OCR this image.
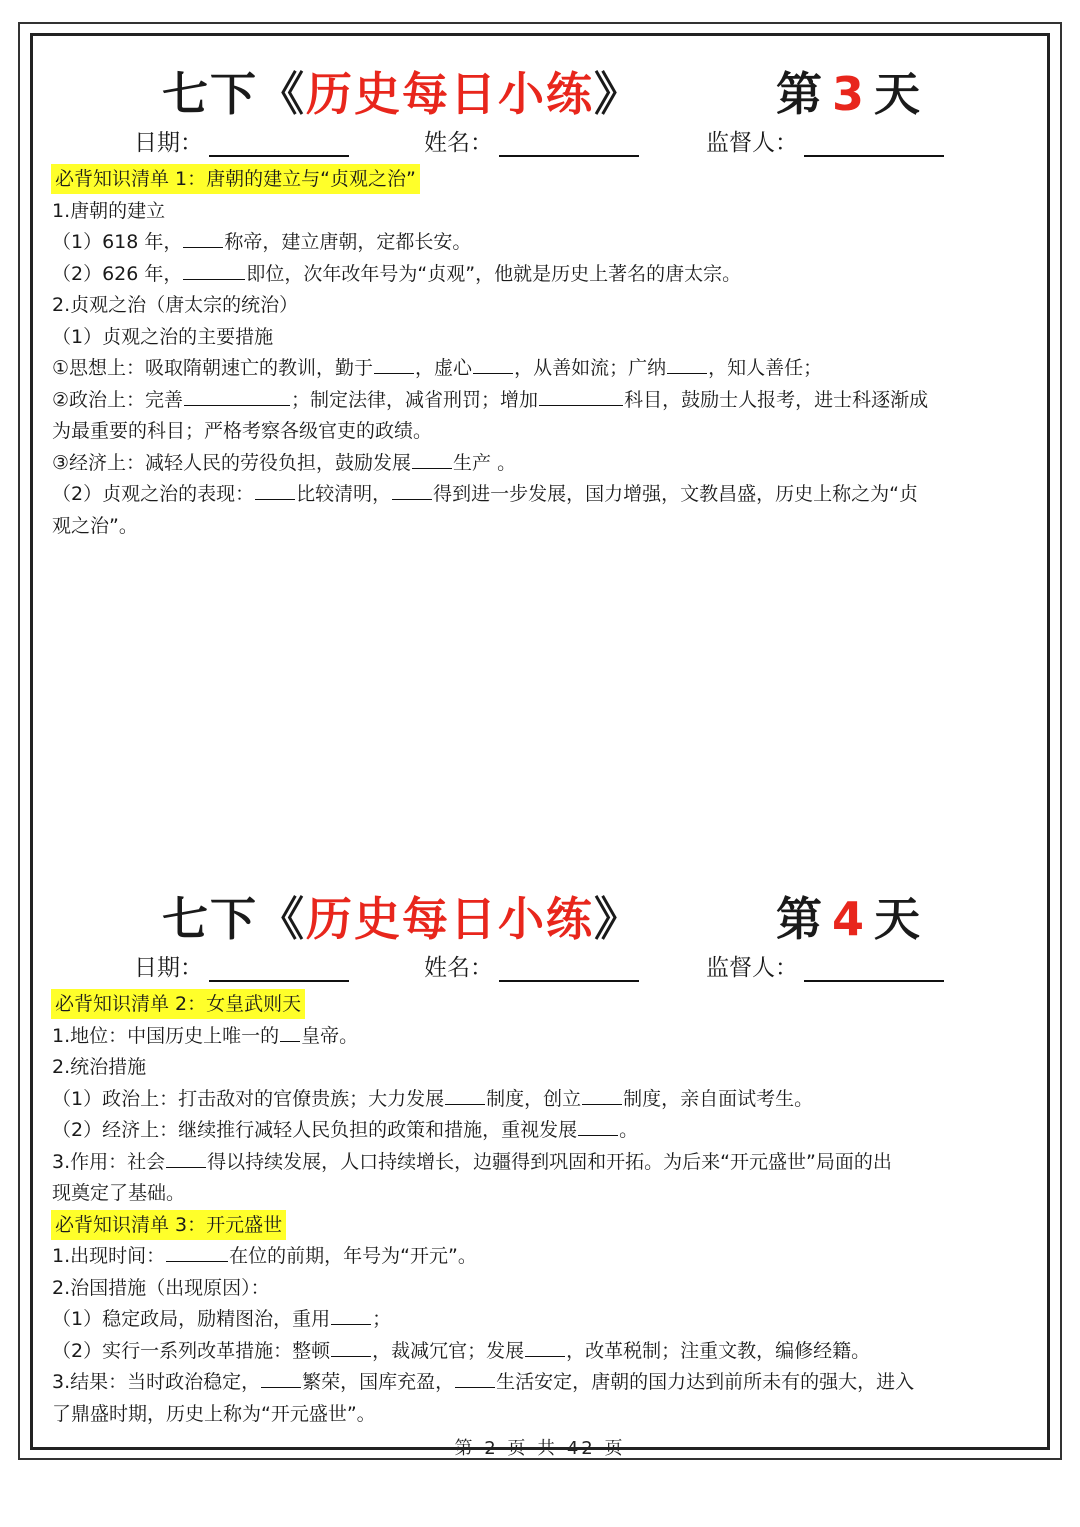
七下《历史每日小练》	第 3 天
日期：	姓名：	监督人：
必背知识清单 1：唐朝的建立与“贞观之治”
1.唐朝的建立
（1）618 年， 称帝，建立唐朝，定都长安。
（2）626 年，	即位，次年改年号为“贞观”，他就是历史上著名的唐太宗。
2.贞观之治（唐太宗的统治）
（1）贞观之治的主要措施
①思想上：吸取隋朝速亡的教训，勤于 ，虚心 ，从善如流；广纳 ，知人善任；
②政治上：完善	；制定法律，减省刑罚；增加	科目，鼓励士人报考，进士科逐渐成
为最重要的科目；严格考察各级官吏的政绩。
③经济上：减轻人民的劳役负担，鼓励发展 生产 。
（2）贞观之治的表现： 比较清明， 得到进一步发展，国力增强，文教昌盛，历史上称之为“贞
观之治”。
七下《历史每日小练》	第 4 天
日期：	姓名：	监督人：
必背知识清单 2：女皇武则天
1.地位：中国历史上唯一的 皇帝。
2.统治措施
（1）政治上：打击敌对的官僚贵族；大力发展 制度，创立 制度，亲自面试考生。
（2）经济上：继续推行减轻人民负担的政策和措施，重视发展 。
3.作用：社会 得以持续发展，人口持续增长，边疆得到巩固和开拓。为后来“开元盛世”局面的出
现奠定了基础。
必背知识清单 3：开元盛世
1.出现时间：	在位的前期，年号为“开元”。
2.治国措施（出现原因）：
（1）稳定政局，励精图治，重用 ；
（2）实行一系列改革措施：整顿 ，裁减冗官；发展 ，改革税制；注重文教，编修经籍。
3.结果：当时政治稳定， 繁荣，国库充盈， 生活安定，唐朝的国力达到前所未有的强大，进入
了鼎盛时期，历史上称为“开元盛世”。
第 2 页 共 42 页
